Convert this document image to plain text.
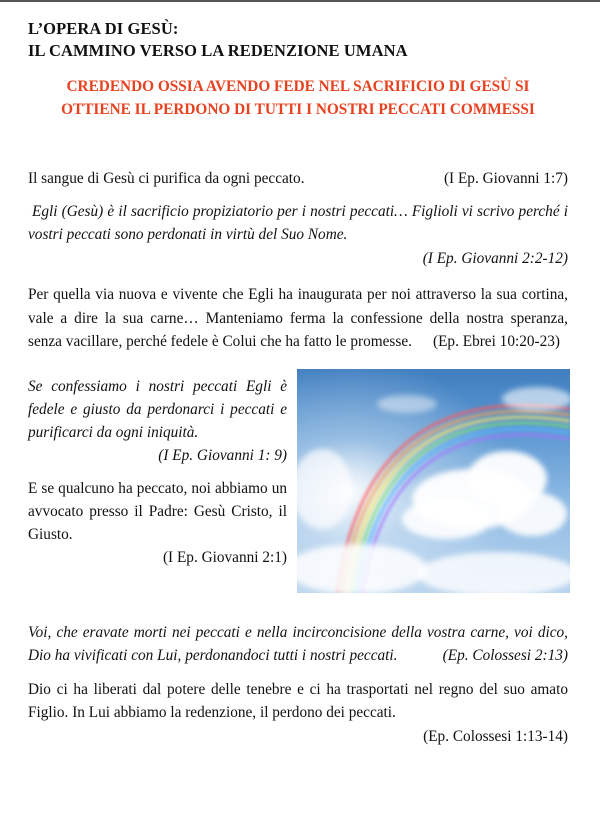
L’OPERA DI GESÙ:
IL CAMMINO VERSO LA REDENZIONE UMANA
CREDENDO OSSIA AVENDO FEDE NEL SACRIFICIO DI GESÙ SI
OTTIENE IL PERDONO DI TUTTI I NOSTRI PECCATI COMMESSI
Il sangue di Gesù ci purifica da ogni peccato.	(I Ep. Giovanni 1:7)
Egli (Gesù) è il sacrificio propiziatorio per i nostri peccati… Figlioli vi scrivo perché i vostri peccati sono perdonati in virtù del Suo Nome.
(I Ep. Giovanni 2:2-12)
Per quella via nuova e vivente che Egli ha inaugurata per noi attraverso la sua cortina, vale a dire la sua carne… Manteniamo ferma la confessione della nostra speranza, senza vacillare, perché fedele è Colui che ha fatto le promesse.	(Ep. Ebrei 10:20-23)
Se confessiamo i nostri peccati Egli è fedele e giusto da perdonarci i peccati e purificarci da ogni iniquità.
(I Ep. Giovanni 1: 9)
E se qualcuno ha peccato, noi abbiamo un avvocato presso il Padre: Gesù Cristo, il Giusto.
(I Ep. Giovanni 2:1)
Voi, che eravate morti nei peccati e nella incirconcisione della vostra carne, voi dico, Dio ha vivificati con Lui, perdonandoci tutti i nostri peccati.	(Ep. Colossesi 2:13)
Dio ci ha liberati dal potere delle tenebre e ci ha trasportati nel regno del suo amato Figlio. In Lui abbiamo la redenzione, il perdono dei peccati.
(Ep. Colossesi 1:13-14)
